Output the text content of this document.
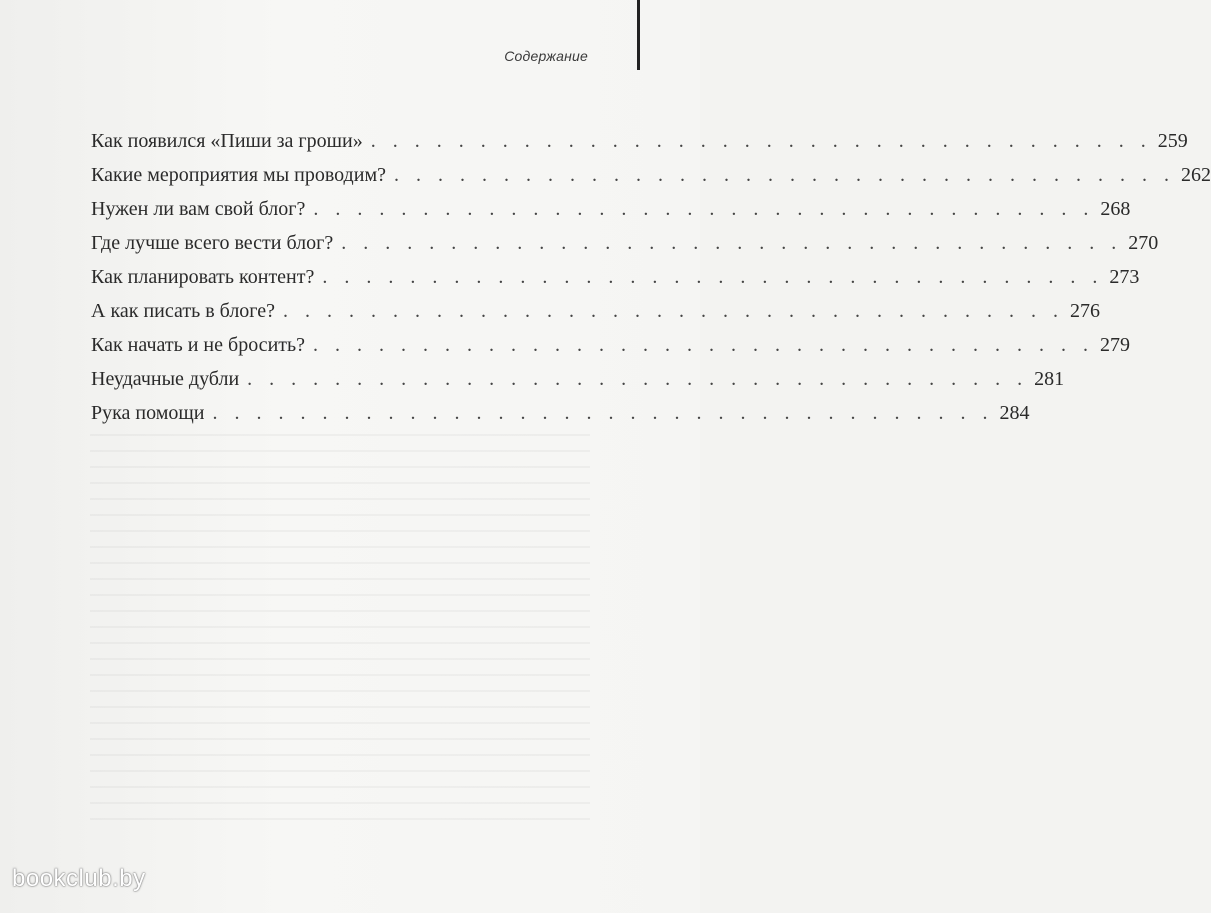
Содержание
Как появился «Пиши за гроши» . . . . . . . . . . . . . . . . . . . . . . . . . . . . . . . . . . . . 259
Какие мероприятия мы проводим? . . . . . . . . . . . . . . . . . . . . . . . . . . . . . . . . . . . . 262
Нужен ли вам свой блог? . . . . . . . . . . . . . . . . . . . . . . . . . . . . . . . . . . . . 268
Где лучше всего вести блог? . . . . . . . . . . . . . . . . . . . . . . . . . . . . . . . . . . . . 270
Как планировать контент? . . . . . . . . . . . . . . . . . . . . . . . . . . . . . . . . . . . . 273
А как писать в блоге? . . . . . . . . . . . . . . . . . . . . . . . . . . . . . . . . . . . . 276
Как начать и не бросить? . . . . . . . . . . . . . . . . . . . . . . . . . . . . . . . . . . . . 279
Неудачные дубли . . . . . . . . . . . . . . . . . . . . . . . . . . . . . . . . . . . . 281
Рука помощи . . . . . . . . . . . . . . . . . . . . . . . . . . . . . . . . . . . . 284
bookclub.by
